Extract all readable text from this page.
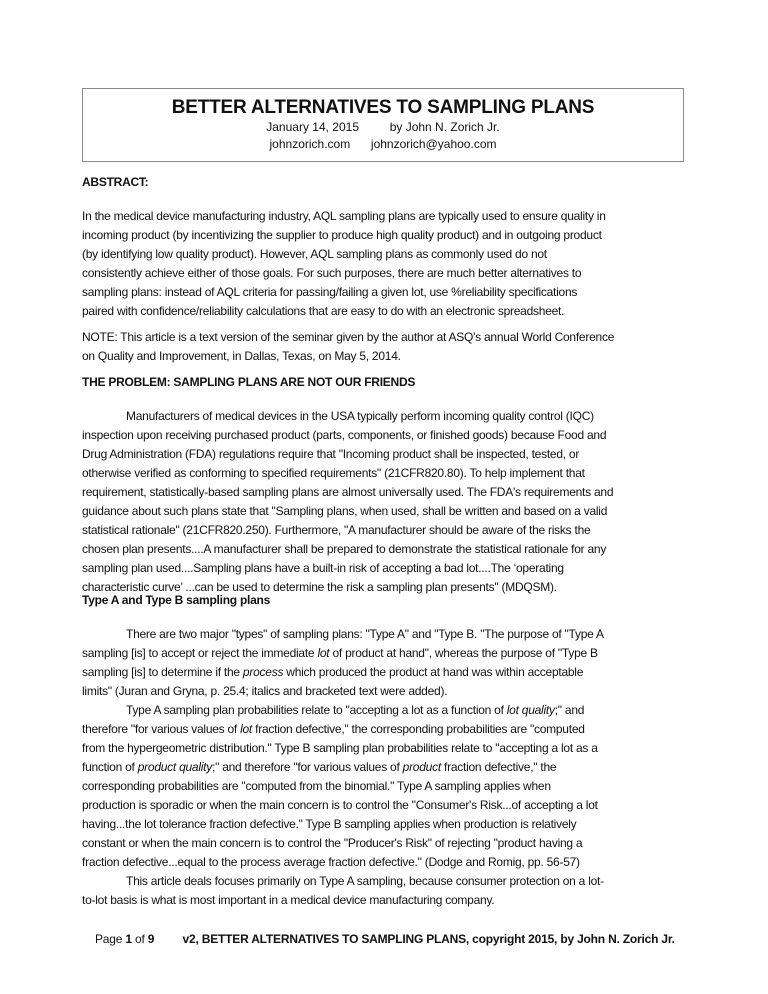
BETTER ALTERNATIVES TO SAMPLING PLANS
January 14, 2015	by John N. Zorich Jr.
johnzorich.com johnzorich@yahoo.com
ABSTRACT:
In the medical device manufacturing industry, AQL sampling plans are typically used to ensure quality in
incoming product (by incentivizing the supplier to produce high quality product) and in outgoing product
(by identifying low quality product). However, AQL sampling plans as commonly used do not
consistently achieve either of those goals. For such purposes, there are much better alternatives to
sampling plans: instead of AQL criteria for passing/failing a given lot, use %reliability specifications
paired with confidence/reliability calculations that are easy to do with an electronic spreadsheet.
NOTE: This article is a text version of the seminar given by the author at ASQ's annual World Conference
on Quality and Improvement, in Dallas, Texas, on May 5, 2014.
THE PROBLEM: SAMPLING PLANS ARE NOT OUR FRIENDS
Manufacturers of medical devices in the USA typically perform incoming quality control (IQC)
inspection upon receiving purchased product (parts, components, or finished goods) because Food and
Drug Administration (FDA) regulations require that "Incoming product shall be inspected, tested, or
otherwise verified as conforming to specified requirements" (21CFR820.80). To help implement that
requirement, statistically-based sampling plans are almost universally used. The FDA's requirements and
guidance about such plans state that "Sampling plans, when used, shall be written and based on a valid
statistical rationale" (21CFR820.250). Furthermore, "A manufacturer should be aware of the risks the
chosen plan presents....A manufacturer shall be prepared to demonstrate the statistical rationale for any
sampling plan used....Sampling plans have a built-in risk of accepting a bad lot....The ‘operating
characteristic curve’ ...can be used to determine the risk a sampling plan presents" (MDQSM).
Type A and Type B sampling plans
There are two major "types" of sampling plans: "Type A" and "Type B. "The purpose of "Type A
sampling [is] to accept or reject the immediate lot of product at hand", whereas the purpose of "Type B
sampling [is] to determine if the process which produced the product at hand was within acceptable
limits" (Juran and Gryna, p. 25.4; italics and bracketed text were added).
Type A sampling plan probabilities relate to "accepting a lot as a function of lot quality;" and
therefore "for various values of lot fraction defective," the corresponding probabilities are "computed
from the hypergeometric distribution." Type B sampling plan probabilities relate to "accepting a lot as a
function of product quality;" and therefore "for various values of product fraction defective," the
corresponding probabilities are "computed from the binomial." Type A sampling applies when
production is sporadic or when the main concern is to control the "Consumer's Risk...of accepting a lot
having...the lot tolerance fraction defective." Type B sampling applies when production is relatively
constant or when the main concern is to control the "Producer's Risk" of rejecting "product having a
fraction defective...equal to the process average fraction defective." (Dodge and Romig, pp. 56-57)
This article deals focuses primarily on Type A sampling, because consumer protection on a lot-
to-lot basis is what is most important in a medical device manufacturing company.
Page 1 of 9 v2, BETTER ALTERNATIVES TO SAMPLING PLANS, copyright 2015, by John N. Zorich Jr.
